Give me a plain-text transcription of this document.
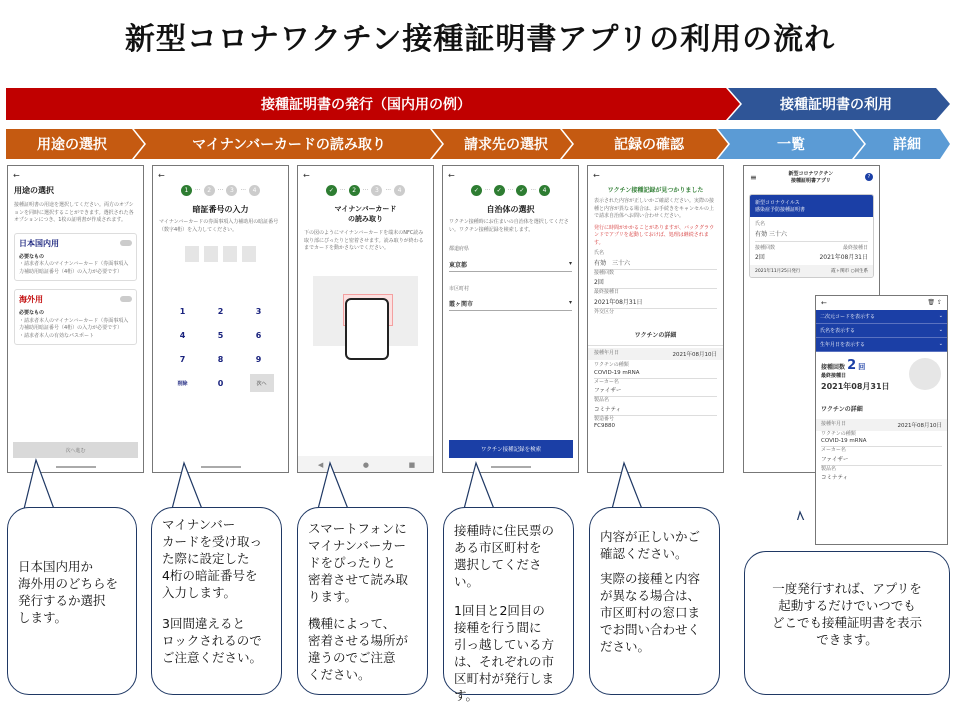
新型コロナワクチン接種証明書アプリの利用の流れ
接種証明書の発行（国内用の例）	接種証明書の利用
用途の選択	マイナンバーカードの読み取り	請求先の選択	記録の確認	一覧	詳細
←
用途の選択
接種証明書の用途を選択してください。両方のオプションを同時に選択することができます。選択された各オプションにつき、1枚の証明書が作成されます。
日本国内用
必要なもの
・請求者本人のマイナンバーカード（券面事項入力補助用暗証番号（4桁）の入力が必要です）
海外用
必要なもの
・請求者本人のマイナンバーカード（券面事項入力補助用暗証番号（4桁）の入力が必要です）
・請求者本人の有効なパスポート
次へ進む
←
1	···	2	···	3	···	4
暗証番号の入力
マイナンバーカードの券面事項入力補助用の暗証番号（数字4桁）を入力してください。
1	2	3
4	5	6
7	8	9
削除	0	次へ
←
✓ ···	2	···	3	···	4
マイナンバーカード
の読み取り
下の図のようにマイナンバーカードを端末のNFC読み取り部にぴったりと密着させます。読み取りが終わるまでカードを動かさないでください。
◀	●	■
←
✓ ··· ✓ ··· ✓ ···	4
自治体の選択
ワクチン接種時にお住まいの自治体を選択してください。ワクチン接種記録を検索します。
都道府県
東京都	▾
市区町村
霞ヶ関市	▾
ワクチン接種記録を検索
←
ワクチン接種記録が見つかりました
表示された内容が正しいかご確認ください。実際の接種と内容が異なる場合は、お手続きをキャンセルの上で請求自治体へお問い合わせください。
発行に時間がかかることがありますが、バックグラウンドでアプリを起動しておけば、処理は継続されます。
氏名
有効　三十六
接種回数
2回
最終接種日
2021年08月31日
外交区分
ワクチンの詳細
接種年月日	2021年08月10日
ワクチンの種類
COVID-19 mRNA
メーカー名
ファイザー
製品名
コミナティ
製造番号
FC9880
≡	新型コロナワクチン
接種証明書アプリ
?
新型コロナウイルス
感染症予防接種証明書
氏名
有効 三十六
接種回数	最終接種日
2回	2021年08月31日
2021年11月25日発行	霞ヶ関市 ○回生系
←	🗑 ⇪
二次元コードを表示する	⌄
氏名を表示する	⌄
生年月日を表示する	⌄
接種回数 2 回
最終接種日
2021年08月31日
ワクチンの詳細
接種年月日	2021年08月10日
ワクチンの種類
COVID-19 mRNA
メーカー名
ファイザー
製品名
コミナティ
日本国内用か
海外用のどちらを
発行するか選択
します。
マイナンバー
カードを受け取っ
た際に設定した
4桁の暗証番号を
入力します。
3回間違えると
ロックされるので
ご注意ください。
スマートフォンに
マイナンバーカー
ドをぴったりと
密着させて読み取
ります。
機種によって、
密着させる場所が
違うのでご注意
ください。
接種時に住民票の
ある市区町村を
選択してください。
1回目と2回目の
接種を行う間に
引っ越している方
は、それぞれの市
区町村が発行しま
す。
内容が正しいかご
確認ください。
実際の接種と内容
が異なる場合は、
市区町村の窓口ま
でお問い合わせく
ださい。
一度発行すれば、アプリを
起動するだけでいつでも
どこでも接種証明書を表示
できます。
